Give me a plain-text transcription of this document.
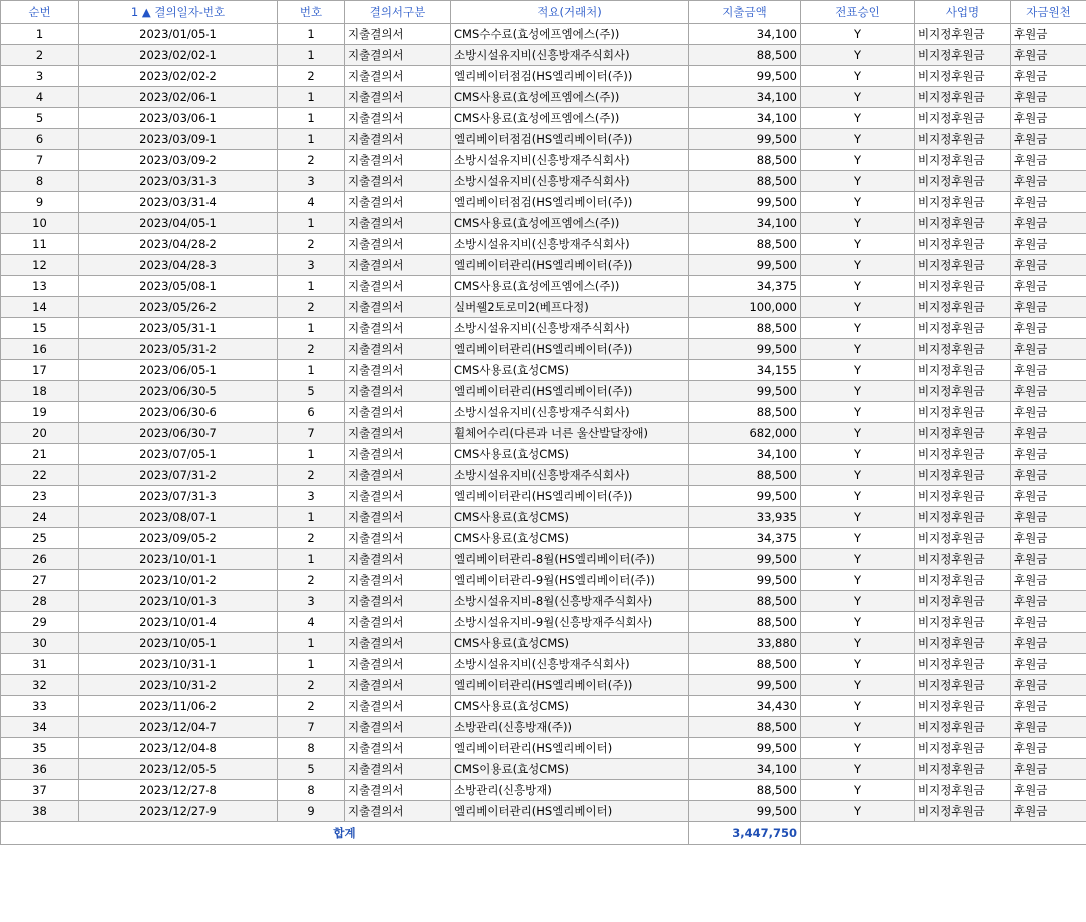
순번	1 ▲ 결의일자-번호	번호	결의서구분	적요(거래처)	지출금액	전표승인	사업명	자금원천
1	2023/01/05-1	1	지출결의서	CMS수수료(효성에프엠에스(주))	34,100	Y	비지정후원금	후원금
2	2023/02/02-1	1	지출결의서	소방시설유지비(신흥방재주식회사)	88,500	Y	비지정후원금	후원금
3	2023/02/02-2	2	지출결의서	엘리베이터점검(HS엘리베이터(주))	99,500	Y	비지정후원금	후원금
4	2023/02/06-1	1	지출결의서	CMS사용료(효성에프엠에스(주))	34,100	Y	비지정후원금	후원금
5	2023/03/06-1	1	지출결의서	CMS사용료(효성에프엠에스(주))	34,100	Y	비지정후원금	후원금
6	2023/03/09-1	1	지출결의서	엘리베이터점검(HS엘리베이터(주))	99,500	Y	비지정후원금	후원금
7	2023/03/09-2	2	지출결의서	소방시설유지비(신흥방재주식회사)	88,500	Y	비지정후원금	후원금
8	2023/03/31-3	3	지출결의서	소방시설유지비(신흥방재주식회사)	88,500	Y	비지정후원금	후원금
9	2023/03/31-4	4	지출결의서	엘리베이터점검(HS엘리베이터(주))	99,500	Y	비지정후원금	후원금
10	2023/04/05-1	1	지출결의서	CMS사용료(효성에프엠에스(주))	34,100	Y	비지정후원금	후원금
11	2023/04/28-2	2	지출결의서	소방시설유지비(신흥방재주식회사)	88,500	Y	비지정후원금	후원금
12	2023/04/28-3	3	지출결의서	엘리베이터관리(HS엘리베이터(주))	99,500	Y	비지정후원금	후원금
13	2023/05/08-1	1	지출결의서	CMS사용료(효성에프엠에스(주))	34,375	Y	비지정후원금	후원금
14	2023/05/26-2	2	지출결의서	실버웰2토로미2(베프다정)	100,000	Y	비지정후원금	후원금
15	2023/05/31-1	1	지출결의서	소방시설유지비(신흥방재주식회사)	88,500	Y	비지정후원금	후원금
16	2023/05/31-2	2	지출결의서	엘리베이터관리(HS엘리베이터(주))	99,500	Y	비지정후원금	후원금
17	2023/06/05-1	1	지출결의서	CMS사용료(효성CMS)	34,155	Y	비지정후원금	후원금
18	2023/06/30-5	5	지출결의서	엘리베이터관리(HS엘리베이터(주))	99,500	Y	비지정후원금	후원금
19	2023/06/30-6	6	지출결의서	소방시설유지비(신흥방재주식회사)	88,500	Y	비지정후원금	후원금
20	2023/06/30-7	7	지출결의서	휠체어수리(다른과 너른 울산발달장애)	682,000	Y	비지정후원금	후원금
21	2023/07/05-1	1	지출결의서	CMS사용료(효성CMS)	34,100	Y	비지정후원금	후원금
22	2023/07/31-2	2	지출결의서	소방시설유지비(신흥방재주식회사)	88,500	Y	비지정후원금	후원금
23	2023/07/31-3	3	지출결의서	엘리베이터관리(HS엘리베이터(주))	99,500	Y	비지정후원금	후원금
24	2023/08/07-1	1	지출결의서	CMS사용료(효성CMS)	33,935	Y	비지정후원금	후원금
25	2023/09/05-2	2	지출결의서	CMS사용료(효성CMS)	34,375	Y	비지정후원금	후원금
26	2023/10/01-1	1	지출결의서	엘리베이터관리-8월(HS엘리베이터(주))	99,500	Y	비지정후원금	후원금
27	2023/10/01-2	2	지출결의서	엘리베이터관리-9월(HS엘리베이터(주))	99,500	Y	비지정후원금	후원금
28	2023/10/01-3	3	지출결의서	소방시설유지비-8월(신흥방재주식회사)	88,500	Y	비지정후원금	후원금
29	2023/10/01-4	4	지출결의서	소방시설유지비-9월(신흥방재주식회사)	88,500	Y	비지정후원금	후원금
30	2023/10/05-1	1	지출결의서	CMS사용료(효성CMS)	33,880	Y	비지정후원금	후원금
31	2023/10/31-1	1	지출결의서	소방시설유지비(신흥방재주식회사)	88,500	Y	비지정후원금	후원금
32	2023/10/31-2	2	지출결의서	엘리베이터관리(HS엘리베이터(주))	99,500	Y	비지정후원금	후원금
33	2023/11/06-2	2	지출결의서	CMS사용료(효성CMS)	34,430	Y	비지정후원금	후원금
34	2023/12/04-7	7	지출결의서	소방관리(신흥방재(주))	88,500	Y	비지정후원금	후원금
35	2023/12/04-8	8	지출결의서	엘리베이터관리(HS엘리베이터)	99,500	Y	비지정후원금	후원금
36	2023/12/05-5	5	지출결의서	CMS이용료(효성CMS)	34,100	Y	비지정후원금	후원금
37	2023/12/27-8	8	지출결의서	소방관리(신흥방재)	88,500	Y	비지정후원금	후원금
38	2023/12/27-9	9	지출결의서	엘리베이터관리(HS엘리베이터)	99,500	Y	비지정후원금	후원금
합계					3,447,750			
